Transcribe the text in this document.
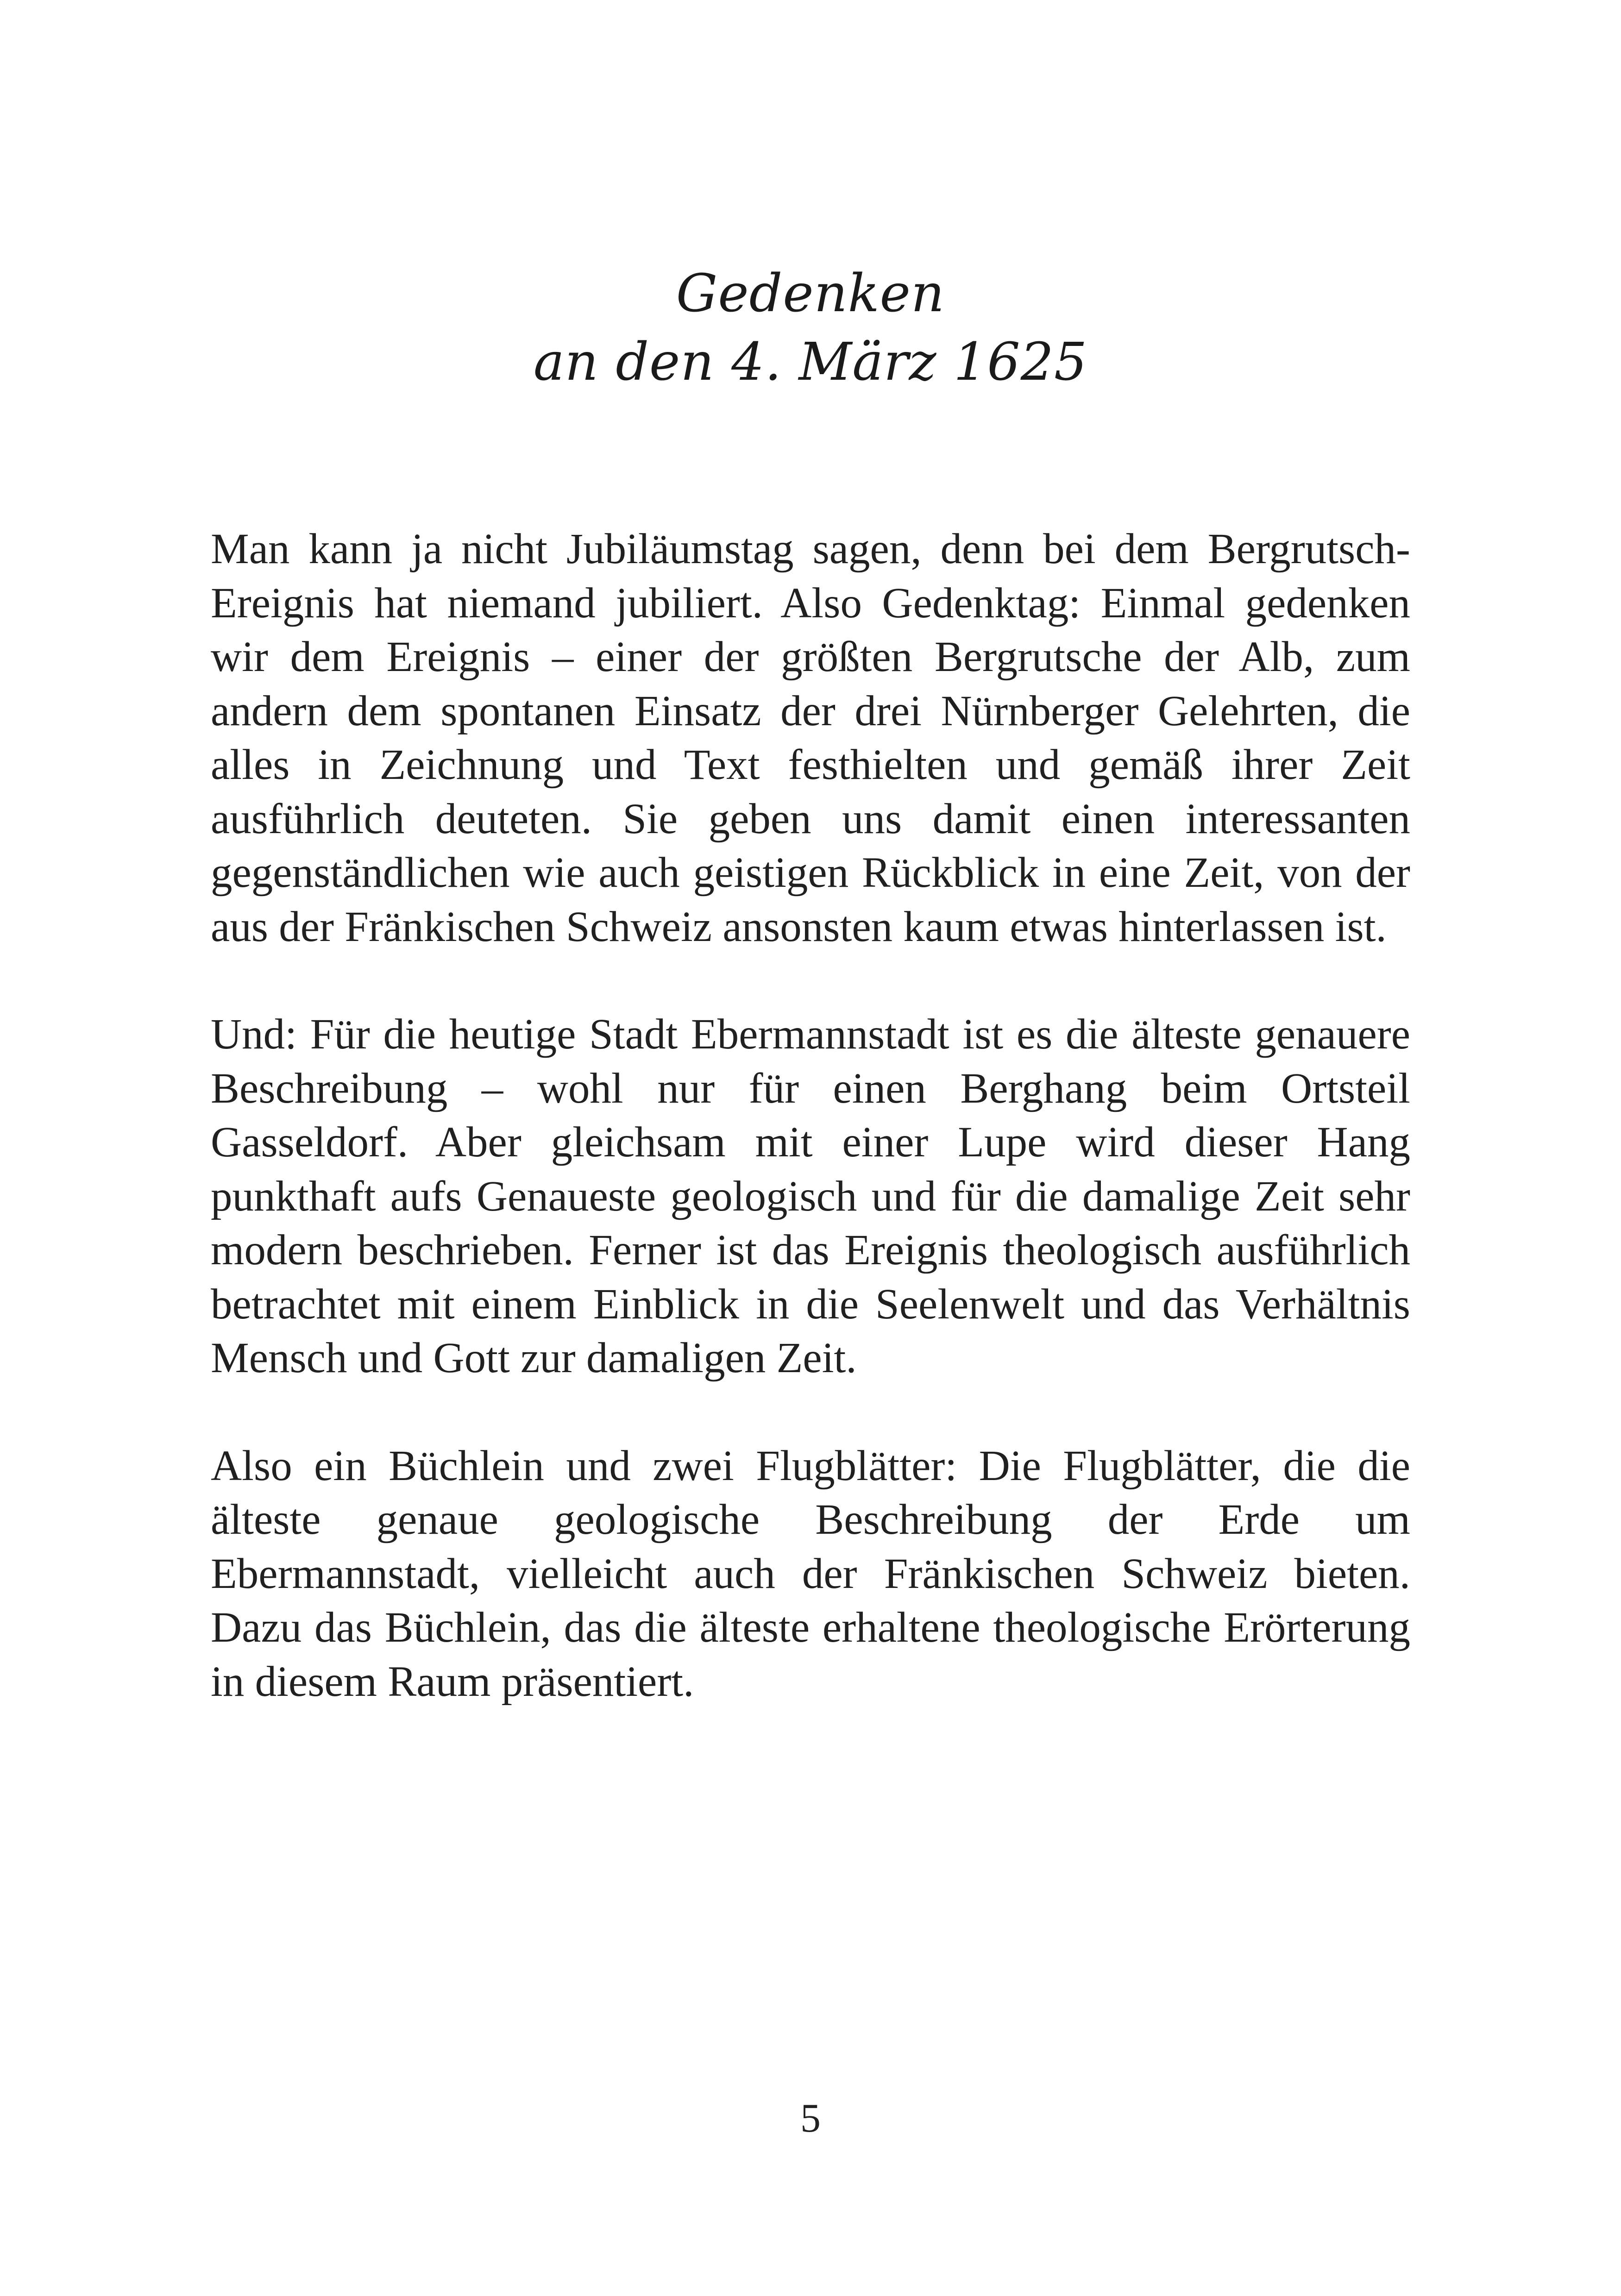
Gedenken
an den 4. März 1625

Man kann ja nicht Jubiläumstag sagen, denn bei dem Bergrutsch-Ereignis hat niemand jubiliert. Also Gedenktag: Einmal gedenken wir dem Ereignis – einer der größten Bergrutsche der Alb, zum andern dem spontanen Einsatz der drei Nürnberger Gelehrten, die alles in Zeichnung und Text festhielten und gemäß ihrer Zeit ausführlich deuteten. Sie geben uns damit einen interessanten gegenständlichen wie auch geistigen Rückblick in eine Zeit, von der aus der Fränkischen Schweiz ansonsten kaum etwas hinterlassen ist.

Und: Für die heutige Stadt Ebermannstadt ist es die älteste genauere Beschreibung – wohl nur für einen Berghang beim Ortsteil Gasseldorf. Aber gleichsam mit einer Lupe wird dieser Hang punkthaft aufs Genaueste geologisch und für die damalige Zeit sehr modern beschrieben. Ferner ist das Ereignis theologisch ausführlich betrachtet mit einem Einblick in die Seelenwelt und das Verhältnis Mensch und Gott zur damaligen Zeit.

Also ein Büchlein und zwei Flugblätter: Die Flugblätter, die die älteste genaue geologische Beschreibung der Erde um Ebermannstadt, vielleicht auch der Fränkischen Schweiz bieten. Dazu das Büchlein, das die älteste erhaltene theologische Erörterung in diesem Raum präsentiert.

5
